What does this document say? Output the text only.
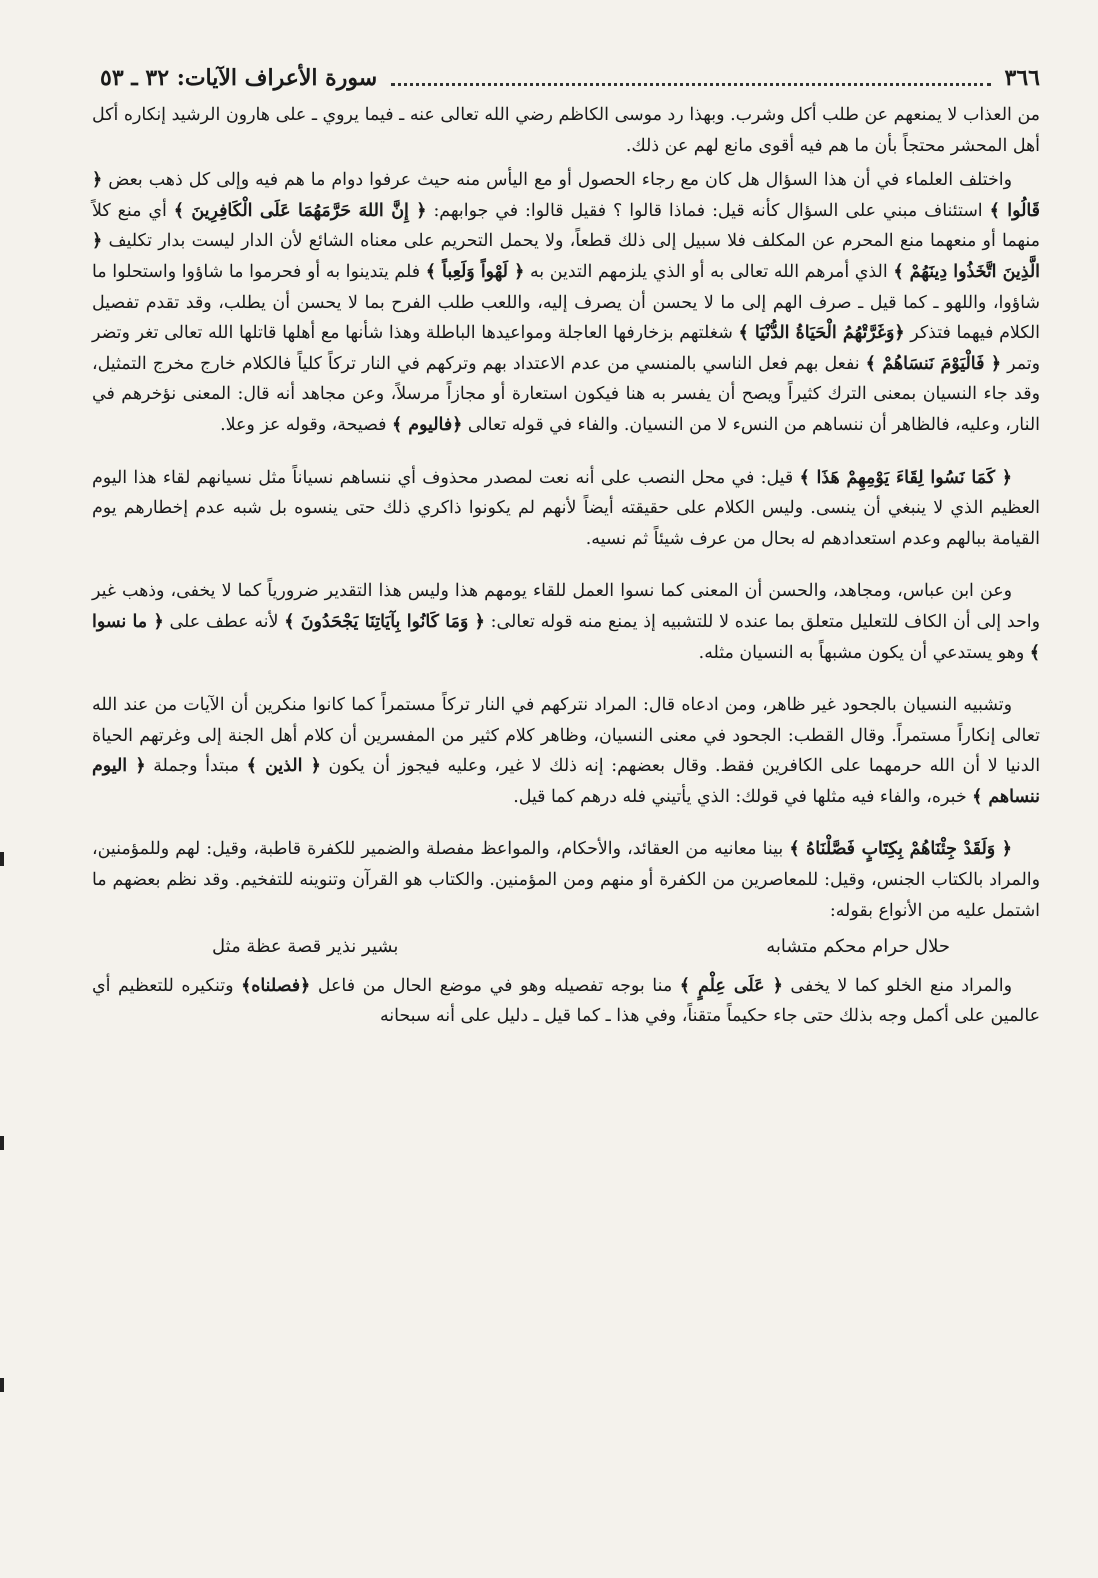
٣٦٦
سورة الأعراف الآيات: ٣٢ ـ ٥٣

من العذاب لا يمنعهم عن طلب أكل وشرب. وبهذا رد موسى الكاظم رضي الله تعالى عنه ـ فيما يروي ـ على هارون الرشيد إنكاره أكل أهل المحشر محتجاً بأن ما هم فيه أقوى مانع لهم عن ذلك.

واختلف العلماء في أن هذا السؤال هل كان مع رجاء الحصول أو مع اليأس منه حيث عرفوا دوام ما هم فيه وإلى كل ذهب بعض ﴿ قَالُوا ﴾ استئناف مبني على السؤال كأنه قيل: فماذا قالوا ؟ فقيل قالوا: في جوابهم: ﴿ إِنَّ اللهَ حَرَّمَهُمَا عَلَى الْكَافِرِينَ ﴾ أي منع كلاً منهما أو منعهما منع المحرم عن المكلف فلا سبيل إلى ذلك قطعاً، ولا يحمل التحريم على معناه الشائع لأن الدار ليست بدار تكليف ﴿ الَّذِينَ اتَّخَذُوا دِينَهُمْ ﴾ الذي أمرهم الله تعالى به أو الذي يلزمهم التدين به ﴿ لَهْواً وَلَعِباً ﴾ فلم يتدينوا به أو فحرموا ما شاؤوا واستحلوا ما شاؤوا، واللهو ـ كما قيل ـ صرف الهم إلى ما لا يحسن أن يصرف إليه، واللعب طلب الفرح بما لا يحسن أن يطلب، وقد تقدم تفصيل الكلام فيهما فتذكر ﴿وَغَرَّتْهُمُ الْحَيَاةُ الدُّنْيَا ﴾ شغلتهم بزخارفها العاجلة ومواعيدها الباطلة وهذا شأنها مع أهلها قاتلها الله تعالى تغر وتضر وتمر ﴿ فَالْيَوْمَ نَنسَاهُمْ ﴾ نفعل بهم فعل الناسي بالمنسي من عدم الاعتداد بهم وتركهم في النار تركاً كلياً فالكلام خارج مخرج التمثيل، وقد جاء النسيان بمعنى الترك كثيراً ويصح أن يفسر به هنا فيكون استعارة أو مجازاً مرسلاً، وعن مجاهد أنه قال: المعنى نؤخرهم في النار، وعليه، فالظاهر أن ننساهم من النسء لا من النسيان. والفاء في قوله تعالى ﴿فاليوم ﴾ فصيحة، وقوله عز وعلا.

﴿ كَمَا نَسُوا لِقَاءَ يَوْمِهِمْ هَذَا ﴾ قيل: في محل النصب على أنه نعت لمصدر محذوف أي ننساهم نسياناً مثل نسيانهم لقاء هذا اليوم العظيم الذي لا ينبغي أن ينسى. وليس الكلام على حقيقته أيضاً لأنهم لم يكونوا ذاكري ذلك حتى ينسوه بل شبه عدم إخطارهم يوم القيامة ببالهم وعدم استعدادهم له بحال من عرف شيئاً ثم نسيه.

وعن ابن عباس، ومجاهد، والحسن أن المعنى كما نسوا العمل للقاء يومهم هذا وليس هذا التقدير ضرورياً كما لا يخفى، وذهب غير واحد إلى أن الكاف للتعليل متعلق بما عنده لا للتشبيه إذ يمنع منه قوله تعالى: ﴿ وَمَا كَانُوا بِآيَاتِنَا يَجْحَدُونَ ﴾ لأنه عطف على ﴿ ما نسوا ﴾ وهو يستدعي أن يكون مشبهاً به النسيان مثله.

وتشبيه النسيان بالجحود غير ظاهر، ومن ادعاه قال: المراد نتركهم في النار تركاً مستمراً كما كانوا منكرين أن الآيات من عند الله تعالى إنكاراً مستمراً. وقال القطب: الجحود في معنى النسيان، وظاهر كلام كثير من المفسرين أن كلام أهل الجنة إلى وغرتهم الحياة الدنيا لا أن الله حرمهما على الكافرين فقط. وقال بعضهم: إنه ذلك لا غير، وعليه فيجوز أن يكون ﴿ الذين ﴾ مبتدأ وجملة ﴿ اليوم ننساهم ﴾ خبره، والفاء فيه مثلها في قولك: الذي يأتيني فله درهم كما قيل.

﴿ وَلَقَدْ جِئْنَاهُمْ بِكِتَابٍ فَصَّلْنَاهُ ﴾ بينا معانيه من العقائد، والأحكام، والمواعظ مفصلة والضمير للكفرة قاطبة، وقيل: لهم وللمؤمنين، والمراد بالكتاب الجنس، وقيل: للمعاصرين من الكفرة أو منهم ومن المؤمنين. والكتاب هو القرآن وتنوينه للتفخيم. وقد نظم بعضهم ما اشتمل عليه من الأنواع بقوله:

حلال حرام محكم متشابه
بشير نذير قصة عظة مثل

والمراد منع الخلو كما لا يخفى ﴿ عَلَى عِلْمٍ ﴾ منا بوجه تفصيله وهو في موضع الحال من فاعل ﴿فصلناه﴾ وتنكيره للتعظيم أي عالمين على أكمل وجه بذلك حتى جاء حكيماً متقناً، وفي هذا ـ كما قيل ـ دليل على أنه سبحانه
